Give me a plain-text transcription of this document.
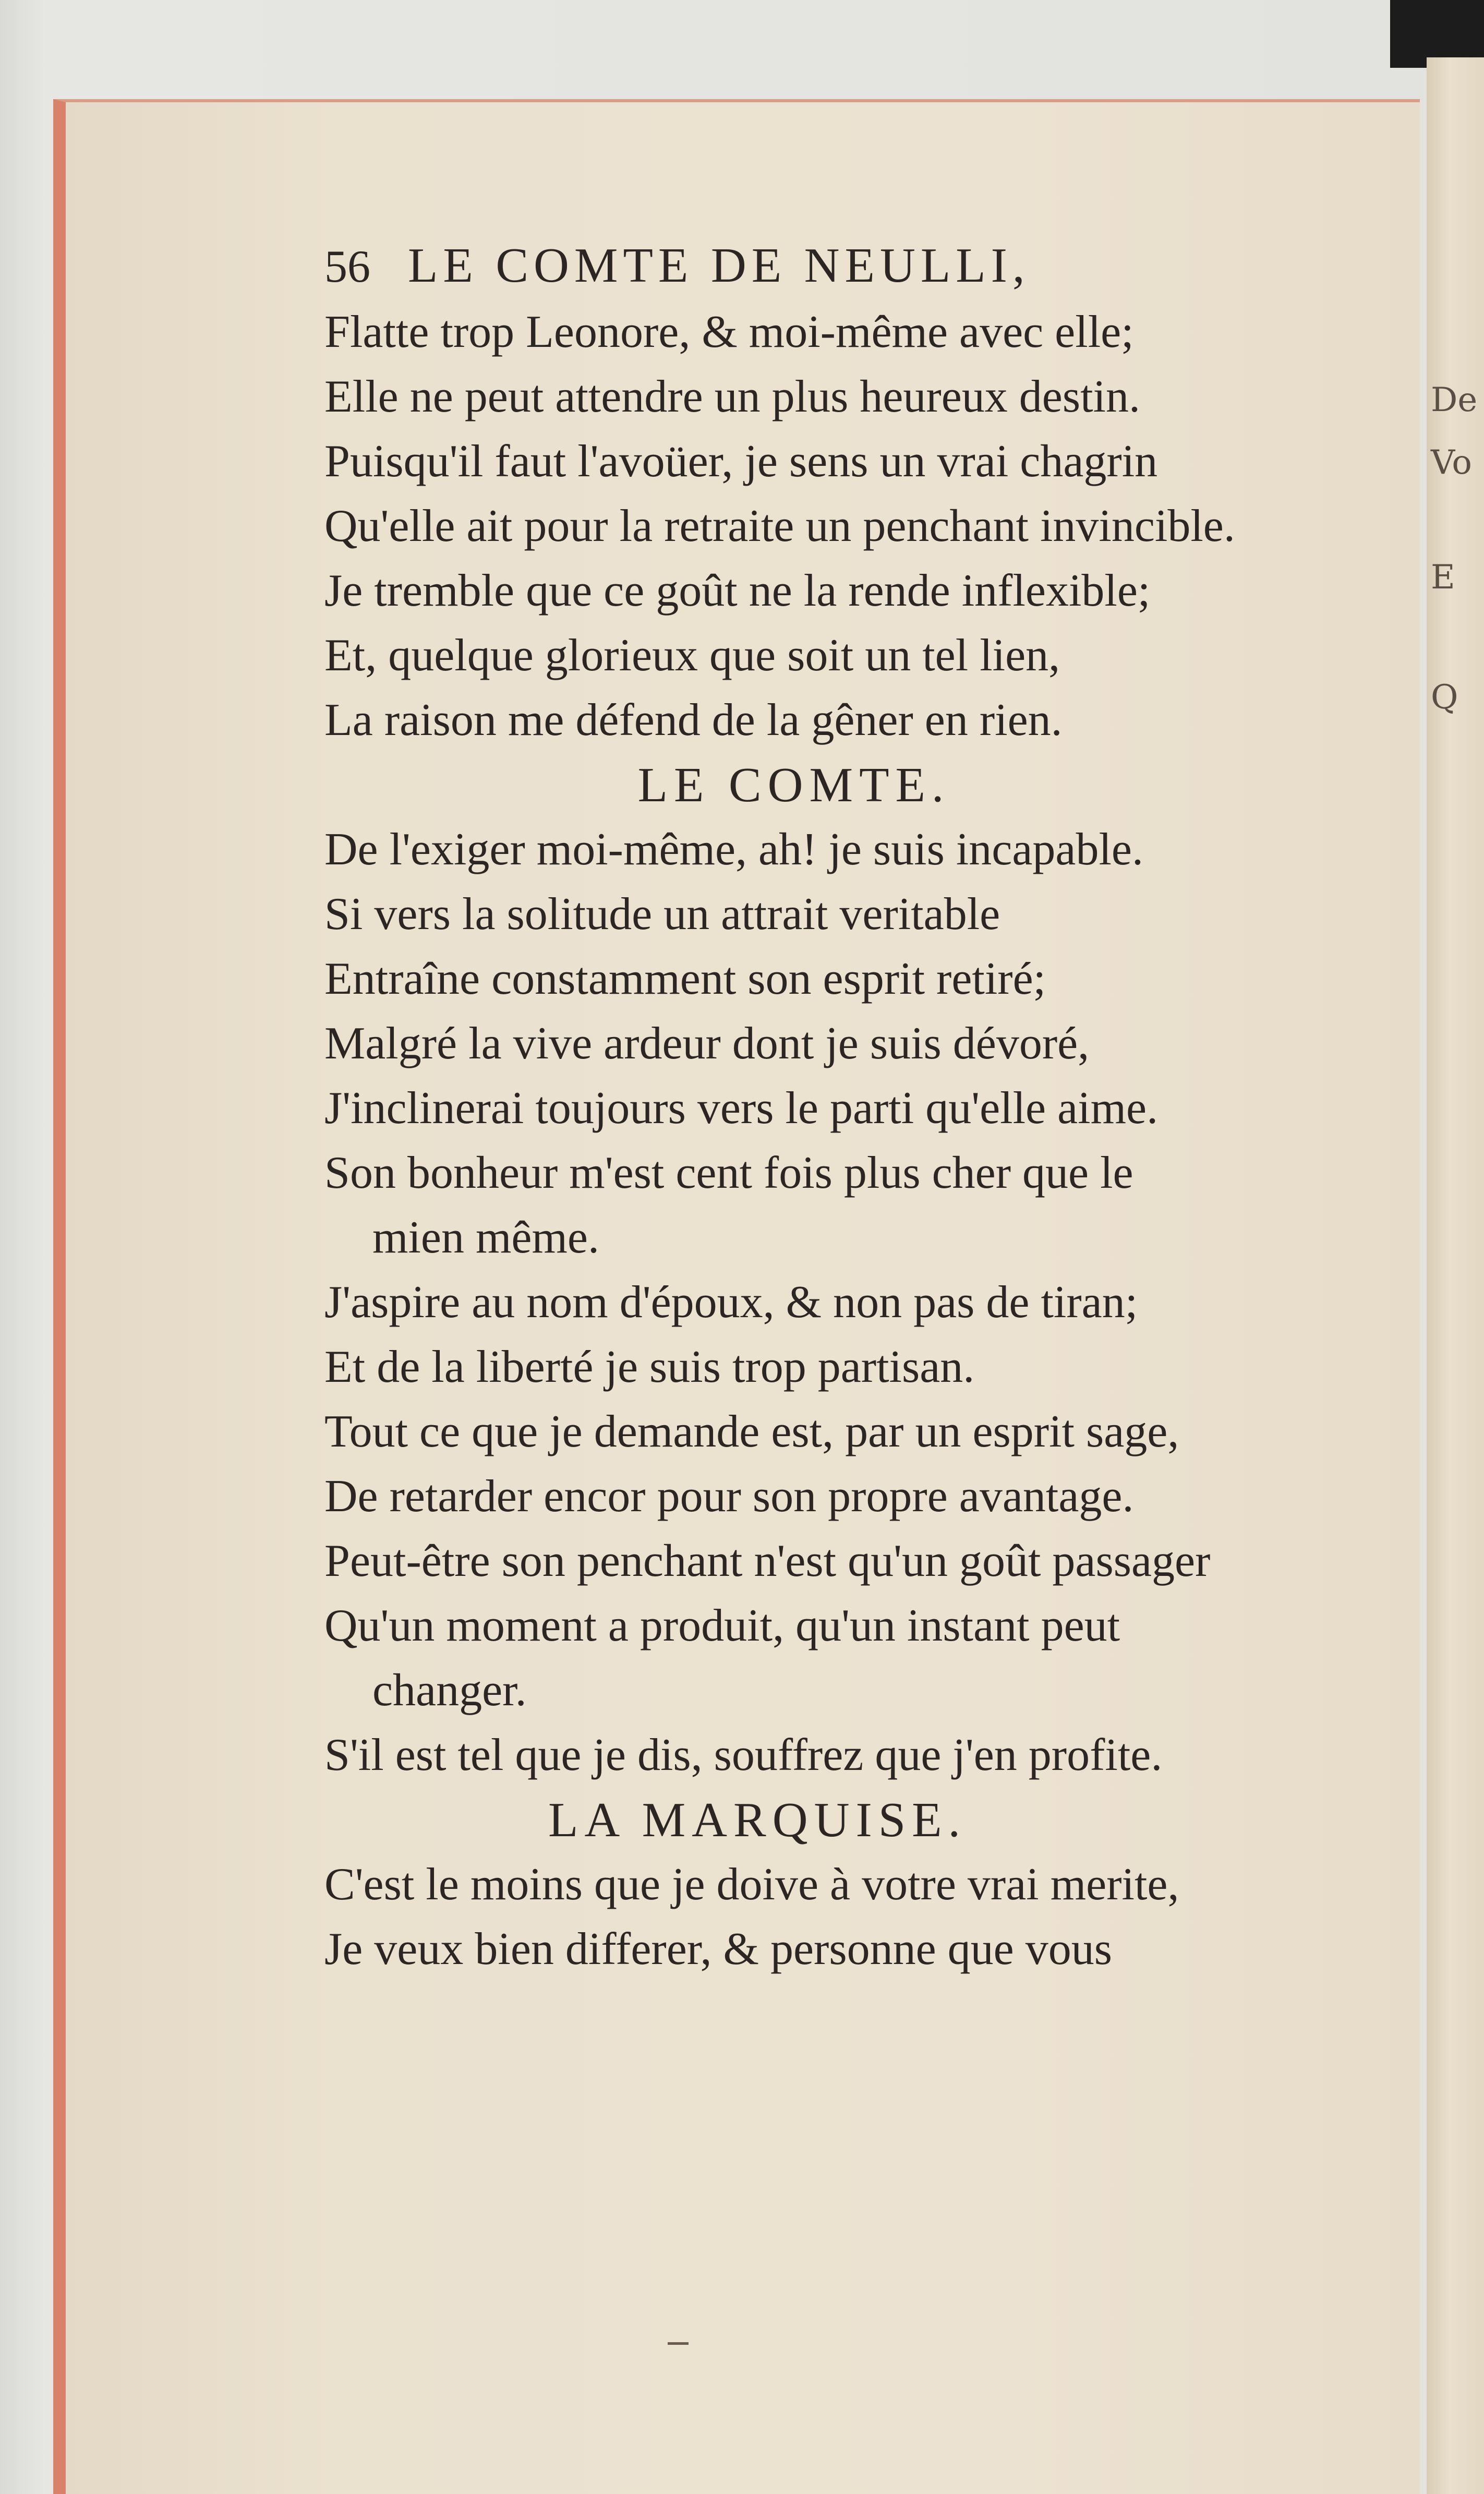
De
Vo
E
Q
56 LE COMTE DE NEULLI,
Flatte trop Leonore, & moi-même avec elle;
Elle ne peut attendre un plus heureux destin.
Puisqu'il faut l'avoüer, je sens un vrai chagrin
Qu'elle ait pour la retraite un penchant invincible.
Je tremble que ce goût ne la rende inflexible;
Et, quelque glorieux que soit un tel lien,
La raison me défend de la gêner en rien.
LE COMTE.
De l'exiger moi-même, ah! je suis incapable.
Si vers la solitude un attrait veritable
Entraîne constamment son esprit retiré;
Malgré la vive ardeur dont je suis dévoré,
J'inclinerai toujours vers le parti qu'elle aime.
Son bonheur m'est cent fois plus cher que le
mien même.
J'aspire au nom d'époux, & non pas de tiran;
Et de la liberté je suis trop partisan.
Tout ce que je demande est, par un esprit sage,
De retarder encor pour son propre avantage.
Peut-être son penchant n'est qu'un goût passager
Qu'un moment a produit, qu'un instant peut
changer.
S'il est tel que je dis, souffrez que j'en profite.
LA MARQUISE.
C'est le moins que je doive à votre vrai merite,
Je veux bien differer, & personne que vous
